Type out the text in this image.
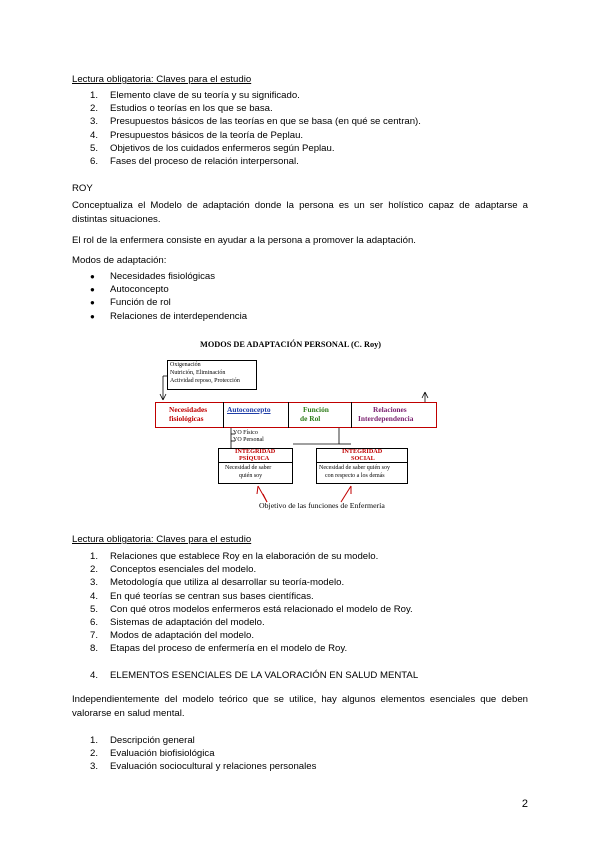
Lectura obligatoria: Claves para el estudio
1.	Elemento clave de su teoría y su significado.
2.	Estudios o teorías en los que se basa.
3.	Presupuestos básicos de las teorías en que se basa (en qué se centran).
4.	Presupuestos básicos de la teoría de Peplau.
5.	Objetivos de los cuidados enfermeros según Peplau.
6.	Fases del proceso de relación interpersonal.
ROY

Conceptualiza el Modelo de adaptación donde la persona es un ser holístico capaz de adaptarse a distintas situaciones.

El rol de la enfermera consiste en ayudar a la persona a promover la adaptación.

Modos de adaptación:
● Necesidades fisiológicas
● Autoconcepto
● Función de rol
● Relaciones de interdependencia
MODOS DE ADAPTACIÓN PERSONAL (C. Roy)
Oxigenación
Nutrición, Eliminación
Actividad reposo, Protección
Necesidades
fisiológicas
Autoconcepto	Función
de Rol
Relaciones
Interdependencia
YO Físico
YO Personal
INTEGRIDAD
PSÍQUICA
Necesidad de saber
quién soy
INTEGRIDAD
SOCIAL
Necesidad de saber quién soy
con respecto a los demás
Objetivo de las funciones de Enfermería
Lectura obligatoria: Claves para el estudio
1.	Relaciones que establece Roy en la elaboración de su modelo.
2.	Conceptos esenciales del modelo.
3.	Metodología que utiliza al desarrollar su teoría-modelo.
4.	En qué teorías se centran sus bases científicas.
5.	Con qué otros modelos enfermeros está relacionado el modelo de Roy.
6.	Sistemas de adaptación del modelo.
7.	Modos de adaptación del modelo.
8.	Etapas del proceso de enfermería en el modelo de Roy.
4. ELEMENTOS ESENCIALES DE LA VALORACIÓN EN SALUD MENTAL

Independientemente del modelo teórico que se utilice, hay algunos elementos esenciales que deben valorarse en salud mental.

1.	Descripción general
2.	Evaluación biofisiológica
3.	Evaluación sociocultural y relaciones personales
2
